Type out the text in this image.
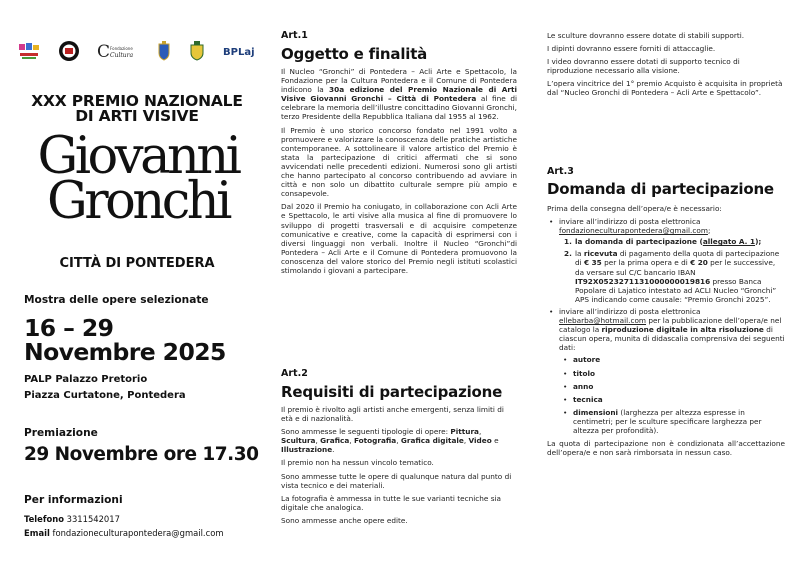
C Fondazione
Cultura	BPLaj
XXX PREMIO NAZIONALE
DI ARTI VISIVE
Giovanni
Gronchi
CITTÀ DI PONTEDERA
Mostra delle opere selezionate
16 – 29
Novembre 2025
PALP Palazzo Pretorio
Piazza Curtatone, Pontedera
Premiazione
29 Novembre ore 17.30
Per informazioni
Telefono 3311542017
Email fondazioneculturapontedera@gmail.com
Art.1
Oggetto e finalità

Il Nucleo “Gronchi” di Pontedera – Acli Arte e Spettacolo, la Fondazione per la Cultura Pontedera e il Comune di Pontedera indicono la 30a edizione del Premio Nazionale di Arti Visive Giovanni Gronchi – Città di Pontedera al fine di celebrare la memoria dell’illustre concittadino Giovanni Gronchi, terzo Presidente della Repubblica Italiana dal 1955 al 1962.

Il Premio è uno storico concorso fondato nel 1991 volto a promuovere e valorizzare la conoscenza delle pratiche artistiche contemporanee. A sottolineare il valore artistico del Premio è stata la partecipazione di critici affermati che si sono avvicendati nelle precedenti edizioni. Numerosi sono gli artisti che hanno partecipato al concorso contribuendo ad avviare in città e non solo un dibattito culturale sempre più ampio e consapevole.

Dal 2020 il Premio ha coniugato, in collaborazione con Acli Arte e Spettacolo, le arti visive alla musica al fine di promuovere lo sviluppo di progetti trasversali e di acquisire competenze comunicative e creative, come la capacità di esprimersi con i diversi linguaggi non verbali. Inoltre il Nucleo “Gronchi”di Pontedera – Acli Arte e il Comune di Pontedera promuovono la conoscenza del valore storico del Premio negli istituti scolastici stimolando i giovani a partecipare.

Art.2
Requisiti di partecipazione

Il premio è rivolto agli artisti anche emergenti, senza limiti di età e di nazionalità.

Sono ammesse le seguenti tipologie di opere: Pittura, Scultura, Grafica, Fotografia, Grafica digitale, Video e Illustrazione.

Il premio non ha nessun vincolo tematico.

Sono ammesse tutte le opere di qualunque natura dal punto di vista tecnico e dei materiali.

La fotografia è ammessa in tutte le sue varianti tecniche sia digitale che analogica.

Sono ammesse anche opere edite.

Le sculture dovranno essere dotate di stabili supporti.

I dipinti dovranno essere forniti di attaccaglie.

I video dovranno essere dotati di supporto tecnico di riproduzione necessario alla visione.

L’opera vincitrice del 1° premio Acquisto è acquisita in proprietà dal “Nucleo Gronchi di Pontedera – Acli Arte e Spettacolo”.

Art.3
Domanda di partecipazione

Prima della consegna dell’opera/e è necessario:

• inviare all’indirizzo di posta elettronica
fondazioneculturapontedera@gmail.com;
1. la domanda di partecipazione (allegato A. 1);
2. la ricevuta di pagamento della quota di partecipazione di € 35 per la prima opera e di € 20 per le successive, da versare sul C/C bancario IBAN IT92X0523271131000000019816 presso Banca Popolare di Lajatico intestato ad ACLI Nucleo “Gronchi” APS indicando come causale: “Premio Gronchi 2025”.
• inviare all’indirizzo di posta elettronica ellebarba@hotmail.com per la pubblicazione dell’opera/e nel catalogo la riproduzione digitale in alta risoluzione di ciascun opera, munita di didascalia comprensiva dei seguenti dati:
• autore
• titolo
• anno
• tecnica
• dimensioni (larghezza per altezza espresse in centimetri; per le sculture specificare larghezza per altezza per profondità).

La quota di partecipazione non è condizionata all’accettazione dell’opera/e e non sarà rimborsata in nessun caso.
